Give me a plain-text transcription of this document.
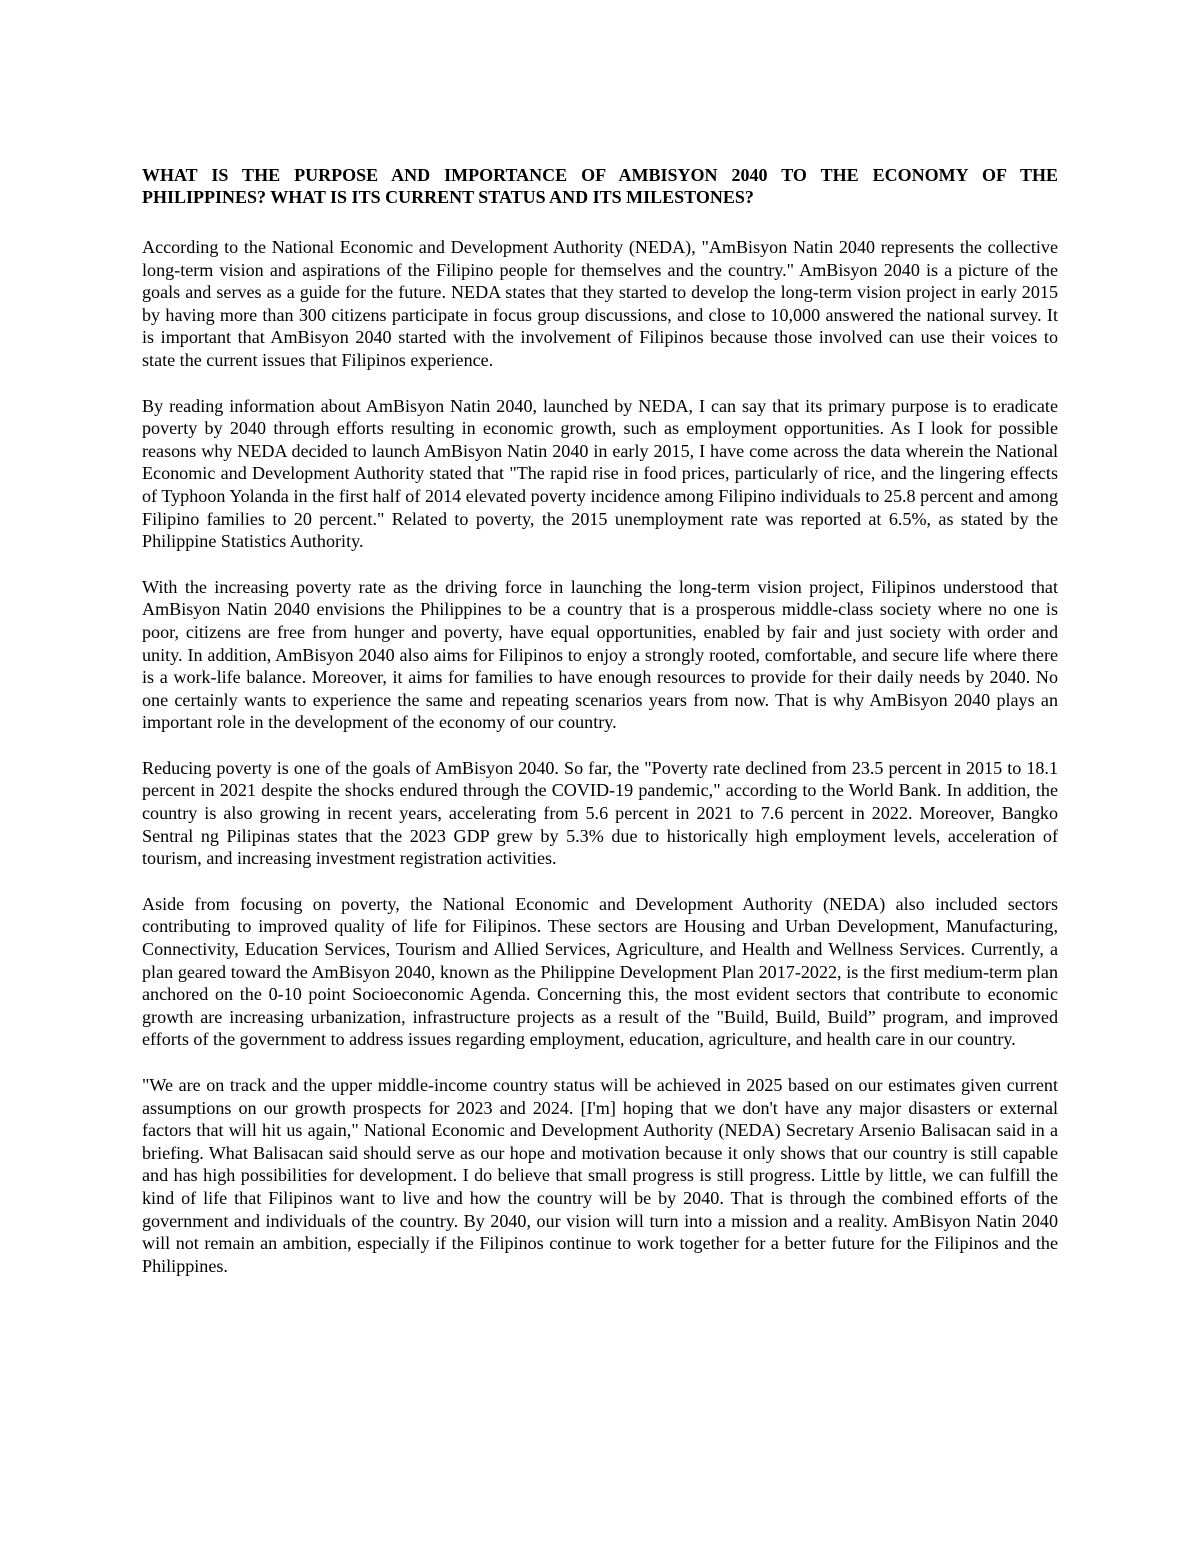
WHAT IS THE PURPOSE AND IMPORTANCE OF AMBISYON 2040 TO THE ECONOMY OF THE PHILIPPINES? WHAT IS ITS CURRENT STATUS AND ITS MILESTONES?

According to the National Economic and Development Authority (NEDA), "AmBisyon Natin 2040 represents the collective long-term vision and aspirations of the Filipino people for themselves and the country." AmBisyon 2040 is a picture of the goals and serves as a guide for the future. NEDA states that they started to develop the long-term vision project in early 2015 by having more than 300 citizens participate in focus group discussions, and close to 10,000 answered the national survey. It is important that AmBisyon 2040 started with the involvement of Filipinos because those involved can use their voices to state the current issues that Filipinos experience.

By reading information about AmBisyon Natin 2040, launched by NEDA, I can say that its primary purpose is to eradicate poverty by 2040 through efforts resulting in economic growth, such as employment opportunities. As I look for possible reasons why NEDA decided to launch AmBisyon Natin 2040 in early 2015, I have come across the data wherein the National Economic and Development Authority stated that "The rapid rise in food prices, particularly of rice, and the lingering effects of Typhoon Yolanda in the first half of 2014 elevated poverty incidence among Filipino individuals to 25.8 percent and among Filipino families to 20 percent." Related to poverty, the 2015 unemployment rate was reported at 6.5%, as stated by the Philippine Statistics Authority.

With the increasing poverty rate as the driving force in launching the long-term vision project, Filipinos understood that AmBisyon Natin 2040 envisions the Philippines to be a country that is a prosperous middle-class society where no one is poor, citizens are free from hunger and poverty, have equal opportunities, enabled by fair and just society with order and unity. In addition, AmBisyon 2040 also aims for Filipinos to enjoy a strongly rooted, comfortable, and secure life where there is a work-life balance. Moreover, it aims for families to have enough resources to provide for their daily needs by 2040. No one certainly wants to experience the same and repeating scenarios years from now. That is why AmBisyon 2040 plays an important role in the development of the economy of our country.

Reducing poverty is one of the goals of AmBisyon 2040. So far, the "Poverty rate declined from 23.5 percent in 2015 to 18.1 percent in 2021 despite the shocks endured through the COVID-19 pandemic," according to the World Bank. In addition, the country is also growing in recent years, accelerating from 5.6 percent in 2021 to 7.6 percent in 2022. Moreover, Bangko Sentral ng Pilipinas states that the 2023 GDP grew by 5.3% due to historically high employment levels, acceleration of tourism, and increasing investment registration activities.

Aside from focusing on poverty, the National Economic and Development Authority (NEDA) also included sectors contributing to improved quality of life for Filipinos. These sectors are Housing and Urban Development, Manufacturing, Connectivity, Education Services, Tourism and Allied Services, Agriculture, and Health and Wellness Services. Currently, a plan geared toward the AmBisyon 2040, known as the Philippine Development Plan 2017-2022, is the first medium-term plan anchored on the 0-10 point Socioeconomic Agenda. Concerning this, the most evident sectors that contribute to economic growth are increasing urbanization, infrastructure projects as a result of the "Build, Build, Build” program, and improved efforts of the government to address issues regarding employment, education, agriculture, and health care in our country.

"We are on track and the upper middle-income country status will be achieved in 2025 based on our estimates given current assumptions on our growth prospects for 2023 and 2024. [I'm] hoping that we don't have any major disasters or external factors that will hit us again," National Economic and Development Authority (NEDA) Secretary Arsenio Balisacan said in a briefing. What Balisacan said should serve as our hope and motivation because it only shows that our country is still capable and has high possibilities for development. I do believe that small progress is still progress. Little by little, we can fulfill the kind of life that Filipinos want to live and how the country will be by 2040. That is through the combined efforts of the government and individuals of the country. By 2040, our vision will turn into a mission and a reality. AmBisyon Natin 2040 will not remain an ambition, especially if the Filipinos continue to work together for a better future for the Filipinos and the Philippines.
